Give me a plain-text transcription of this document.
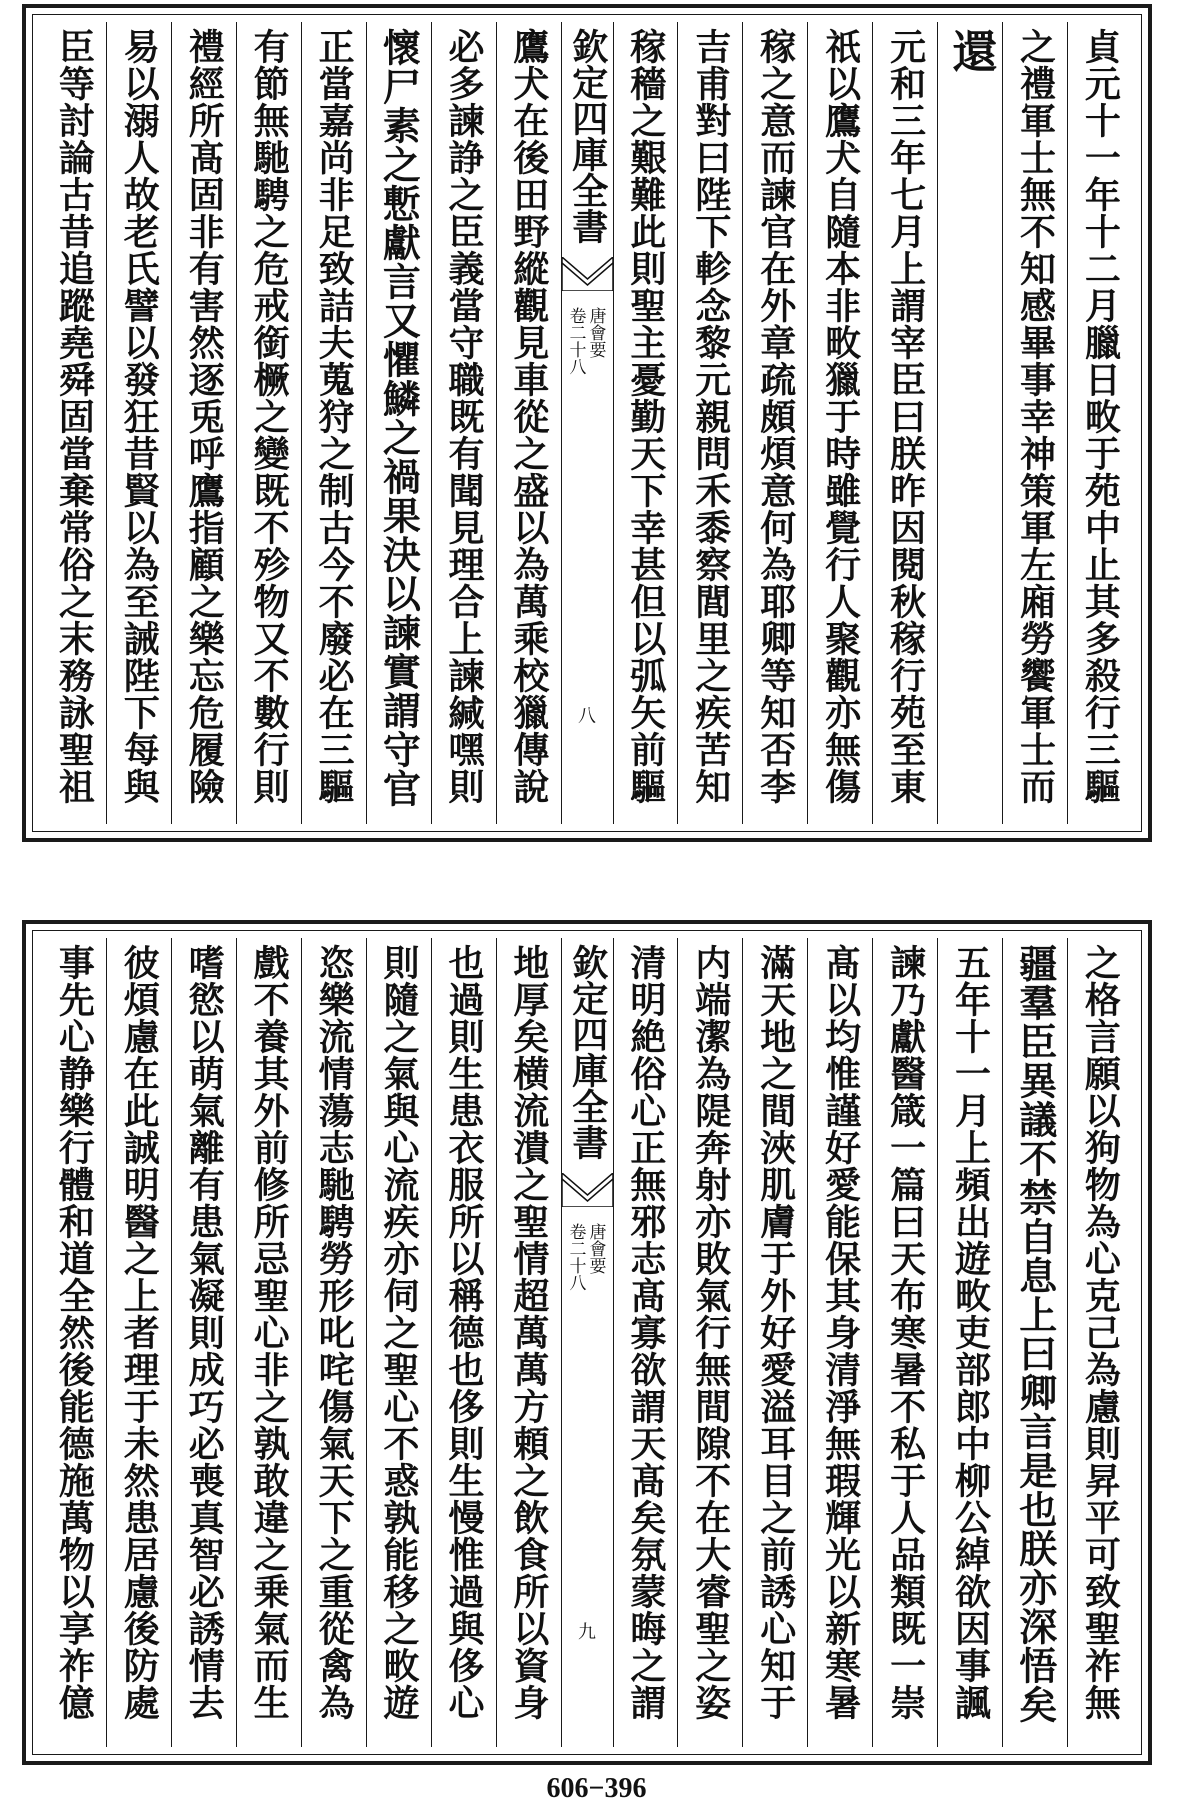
貞元十一年十二月臘日畋于苑中止其多殺行三驅
之禮軍士無不知感畢事幸神策軍左廂勞饗軍士而
還
元和三年七月上謂宰臣曰朕昨因閱秋稼行苑至東
祇以鷹犬自隨本非畋獵于時雖覺行人聚觀亦無傷
稼之意而諫官在外章疏頗煩意何為耶卿等知否李
吉甫對曰陛下軫念黎元親問禾黍察閭里之疾苦知
稼穡之艱難此則聖主憂勤天下幸甚但以弧矢前驅
欽定四庫全書
唐會要
卷二十八
八
鷹犬在後田野縱觀見車從之盛以為萬乘校獵傳說
必多諫諍之臣義當守職既有聞見理合上諫緘嘿則
懷尸素之慙獻言又懼鱗之禍果決以諫實謂守官
正當嘉尚非足致詰夫蒐狩之制古今不廢必在三驅
有節無馳騁之危戒銜橛之變既不殄物又不數行則
禮經所髙固非有害然逐兎呼鷹指顧之樂忘危履險
易以溺人故老氏譬以發狂昔賢以為至誡陛下每與
臣等討論古昔追蹤堯舜固當棄常俗之末務詠聖祖
之格言願以狗物為心克己為慮則昇平可致聖祚無
疆羣臣異議不禁自息上曰卿言是也朕亦深悟矣
五年十一月上頻出遊畋吏部郎中柳公綽欲因事諷
諫乃獻醫箴一篇曰天布寒暑不私于人品類既一崇
髙以均惟謹好愛能保其身清淨無瑕輝光以新寒暑
滿天地之間浹肌膚于外好愛溢耳目之前誘心知于
内端潔為隄奔射亦敗氣行無間隙不在大睿聖之姿
清明絶俗心正無邪志髙寡欲謂天髙矣氛蒙晦之謂
欽定四庫全書
唐會要
卷二十八
九
地厚矣横流潰之聖情超萬萬方頼之飲食所以資身
也過則生患衣服所以稱德也侈則生慢惟過與侈心
則隨之氣與心流疾亦伺之聖心不惑孰能移之畋遊
恣樂流情蕩志馳騁勞形叱咤傷氣天下之重從禽為
戲不養其外前修所忌聖心非之孰敢違之乗氣而生
嗜慾以萌氣離有患氣凝則成巧必喪真智必誘情去
彼煩慮在此誠明醫之上者理于未然患居慮後防處
事先心静樂行體和道全然後能德施萬物以享祚億
606−396
